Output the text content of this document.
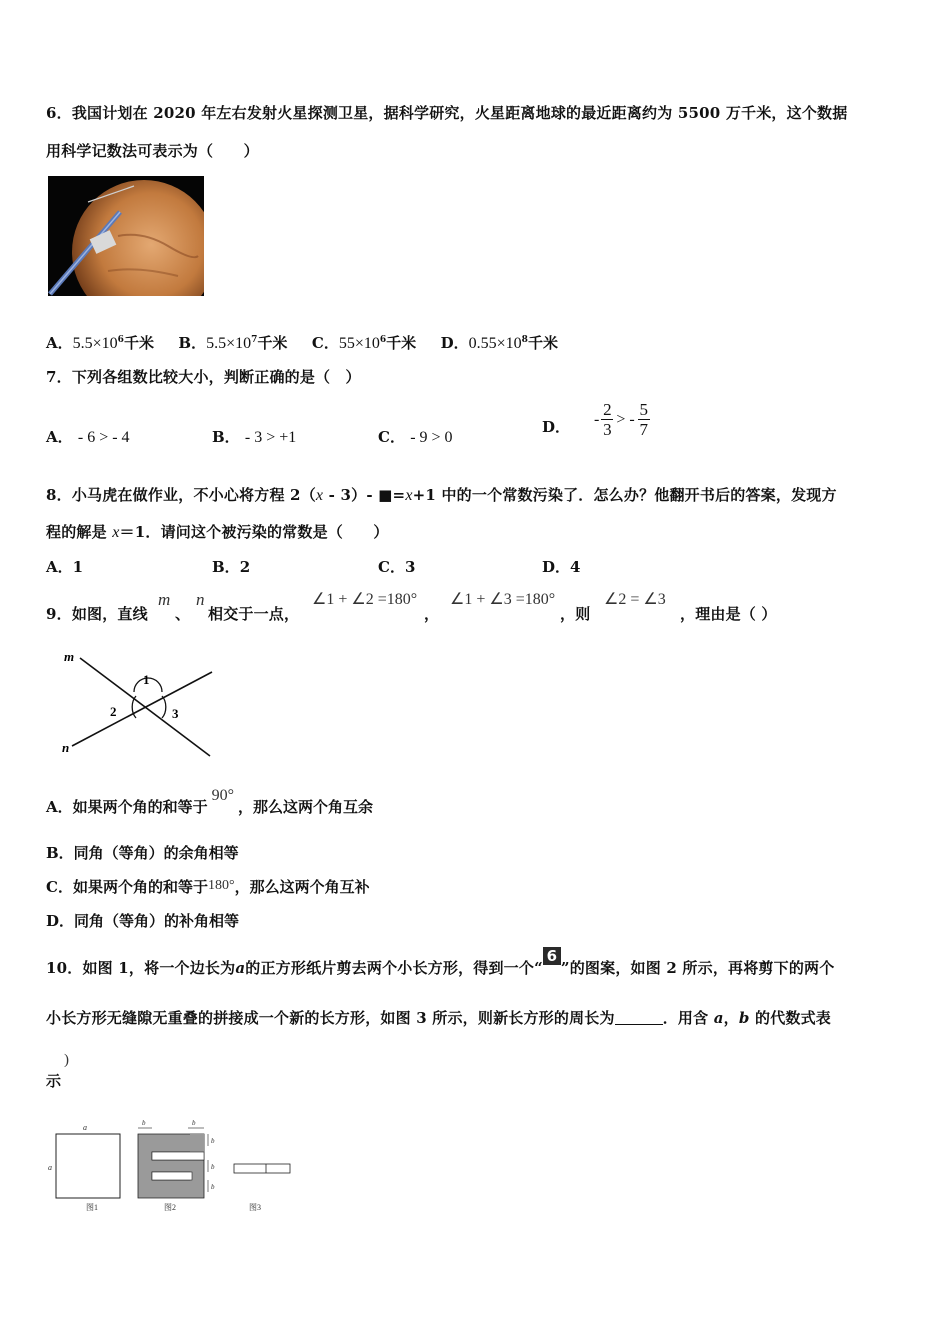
6．我国计划在 2020 年左右发射火星探测卫星，据科学研究，火星距离地球的最近距离约为 5500 万千米，这个数据
用科学记数法可表示为（　　）
A．$5.5\times 10^6$千米 B．$5.5\times 10^7$千米 C．$55\times 10^6$千米 D．$0.55\times 10^8$千米
7．下列各组数比较大小，判断正确的是（　）
A． - 6 > - 4	B． - 3 > +1	C． - 9 > 0
D． - $\frac{2}{3}$ > - $\frac{5}{7}$
8．小马虎在做作业，不小心将方程 2（x - 3）- ■=x+1 中的一个常数污染了．怎么办？他翻开书后的答案，发现方
程的解是 x＝1．请问这个被污染的常数是（　　）
A．1	B．2	C．3	D．4
9．如图，直线
m
、
n
相交于一点，
∠1 + ∠2 =180°
，
∠1 + ∠3 =180°
，则
∠2 = ∠3
，理由是（ ）
m
n
1
2	3
A．如果两个角的和等于90°，那么这两个角互余
B．同角（等角）的余角相等
C．如果两个角的和等于180°，那么这两个角互补
D．同角（等角）的补角相等
10．如图 1，将一个边长为a的正方形纸片剪去两个小长方形，得到一个“6”的图案，如图 2 所示，再将剪下的两个
小长方形无缝隙无重叠的拼接成一个新的长方形，如图 3 所示，则新长方形的周长为	．用含 a，b 的代数式表
示
)
a
a
图1
b	b
b
b
b
图2	图3
